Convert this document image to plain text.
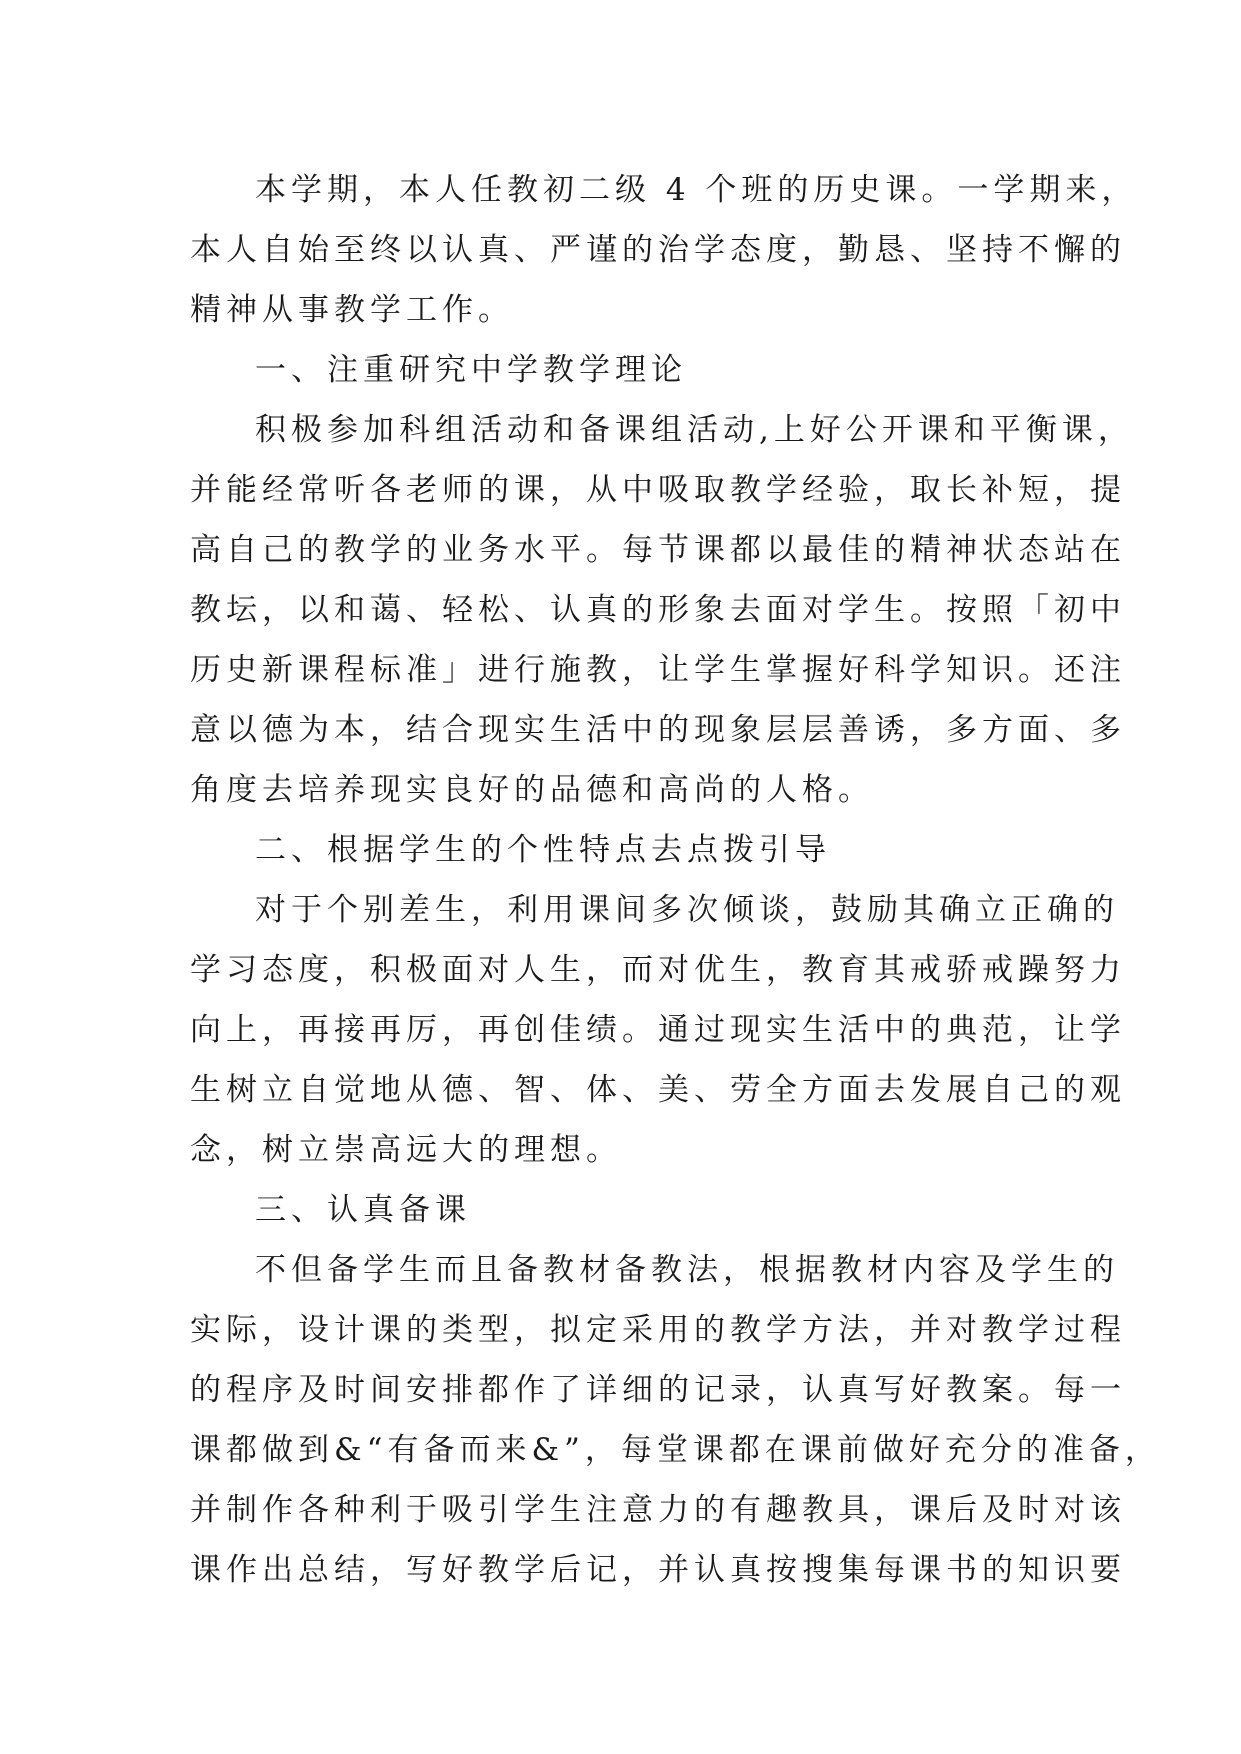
本学期，本人任教初二级 4 个班的历史课。一学期来，
本人自始至终以认真、严谨的治学态度，勤恳、坚持不懈的
精神从事教学工作。
一、注重研究中学教学理论
积极参加科组活动和备课组活动,上好公开课和平衡课，
并能经常听各老师的课，从中吸取教学经验，取长补短，提
高自己的教学的业务水平。每节课都以最佳的精神状态站在
教坛，以和蔼、轻松、认真的形象去面对学生。按照「初中
历史新课程标准」进行施教，让学生掌握好科学知识。还注
意以德为本，结合现实生活中的现象层层善诱，多方面、多
角度去培养现实良好的品德和高尚的人格。
二、根据学生的个性特点去点拨引导
对于个别差生，利用课间多次倾谈，鼓励其确立正确的
学习态度，积极面对人生，而对优生，教育其戒骄戒躁努力
向上，再接再厉，再创佳绩。通过现实生活中的典范，让学
生树立自觉地从德、智、体、美、劳全方面去发展自己的观
念，树立崇高远大的理想。
三、认真备课
不但备学生而且备教材备教法，根据教材内容及学生的
实际，设计课的类型，拟定采用的教学方法，并对教学过程
的程序及时间安排都作了详细的记录，认真写好教案。每一
课都做到&“有备而来&”，每堂课都在课前做好充分的准备，
并制作各种利于吸引学生注意力的有趣教具，课后及时对该
课作出总结，写好教学后记，并认真按搜集每课书的知识要
